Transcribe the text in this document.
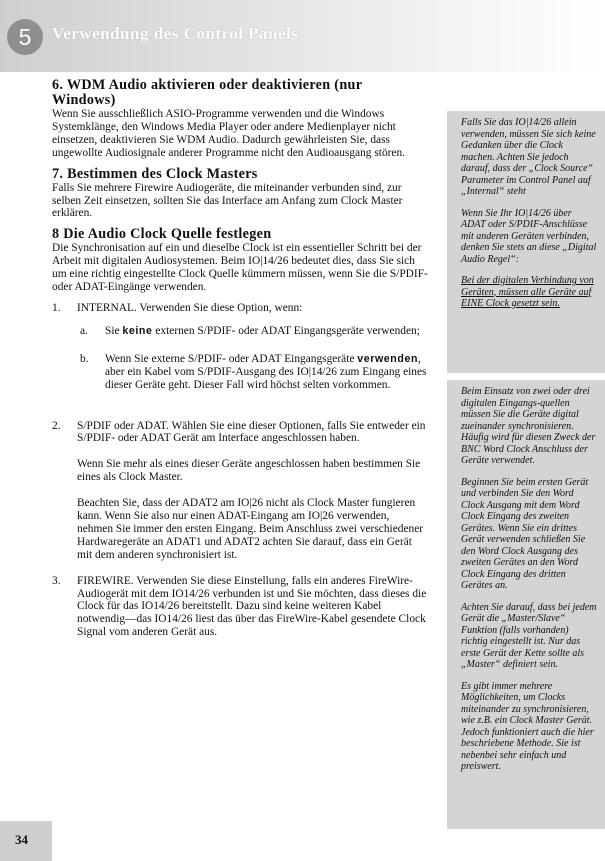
5	Verwendung des Control Panels
6. WDM Audio aktivieren oder deaktivieren (nur
Windows)

Wenn Sie ausschließlich ASIO-Programme verwenden und die Windows Systemklänge, den Windows Media Player oder andere Medienplayer nicht einsetzen, deaktivieren Sie WDM Audio. Dadurch gewährleisten Sie, dass ungewollte Audiosignale anderer Programme nicht den Audioausgang stören.

7. Bestimmen des Clock Masters

Falls Sie mehrere Firewire Audiogeräte, die miteinander verbunden sind, zur selben Zeit einsetzen, sollten Sie das Interface am Anfang zum Clock Master erklären.

8 Die Audio Clock Quelle festlegen

Die Synchronisation auf ein und dieselbe Clock ist ein essentieller Schritt bei der Arbeit mit digitalen Audiosystemen. Beim IO|14/26 bedeutet dies, dass Sie sich um eine richtig eingestellte Clock Quelle kümmern müssen, wenn Sie die S/PDIF- oder ADAT-Eingänge verwenden.

1. INTERNAL. Verwenden Sie diese Option, wenn:

a. Sie keine externen S/PDIF- oder ADAT Eingangsgeräte verwenden;

b. Wenn Sie externe S/PDIF- oder ADAT Eingangsgeräte verwenden, aber ein Kabel vom S/PDIF-Ausgang des IO|14/26 zum Eingang eines dieser Geräte geht. Dieser Fall wird höchst selten vorkommen.

2. S/PDIF oder ADAT. Wählen Sie eine dieser Optionen, falls Sie entweder ein S/PDIF- oder ADAT Gerät am Interface angeschlossen haben.

Wenn Sie mehr als eines dieser Geräte angeschlossen haben bestimmen Sie eines als Clock Master.

Beachten Sie, dass der ADAT2 am IO|26 nicht als Clock Master fungieren kann. Wenn Sie also nur einen ADAT-Eingang am IO|26 verwenden, nehmen Sie immer den ersten Eingang. Beim Anschluss zwei verschiedener Hardwaregeräte an ADAT1 und ADAT2 achten Sie darauf, dass ein Gerät mit dem anderen synchronisiert ist.

3. FIREWIRE. Verwenden Sie diese Einstellung, falls ein anderes FireWire-Audiogerät mit dem IO14/26 verbunden ist und Sie möchten, dass dieses die Clock für das IO14/26 bereitstellt. Dazu sind keine weiteren Kabel notwendig—das IO14/26 liest das über das FireWire-Kabel gesendete Clock Signal vom anderen Gerät aus.

Falls Sie das IO|14/26 allein verwenden, müssen Sie sich keine Gedanken über die Clock machen. Achten Sie jedoch darauf, dass der „Clock Source“ Parameter im Control Panel auf „Internal“ steht

Wenn Sie Ihr IO|14/26 über ADAT oder S/PDIF-Anschlüsse mit anderen Geräten verbinden, denken Sie stets an diese „Digital Audio Regel“:

Bei der digitalen Verbindung von Geräten, müssen alle Geräte auf EINE Clock gesetzt sein.

Beim Einsatz von zwei oder drei digitalen Eingangs-quellen müssen Sie die Geräte digital zueinander synchronisieren. Häufig wird für diesen Zweck der BNC Word Clock Anschluss der Geräte verwendet.

Beginnen Sie beim ersten Gerät und verbinden Sie den Word Clock Ausgang mit dem Word Clock Eingang des zweiten Gerätes. Wenn Sie ein drittes Gerät verwenden schließen Sie den Word Clock Ausgang des zweiten Gerätes an den Word Clock Eingang des dritten Gerätes an.

Achten Sie darauf, dass bei jedem Gerät die „Master/Slave“ Funktion (falls vorhanden) richtig eingestellt ist. Nur das erste Gerät der Kette sollte als „Master“ definiert sein.

Es gibt immer mehrere Möglichkeiten, um Clocks miteinander zu synchronisieren, wie z.B. ein Clock Master Gerät. Jedoch funktioniert auch die hier beschriebene Methode. Sie ist nebenbei sehr einfach und preiswert.

34
